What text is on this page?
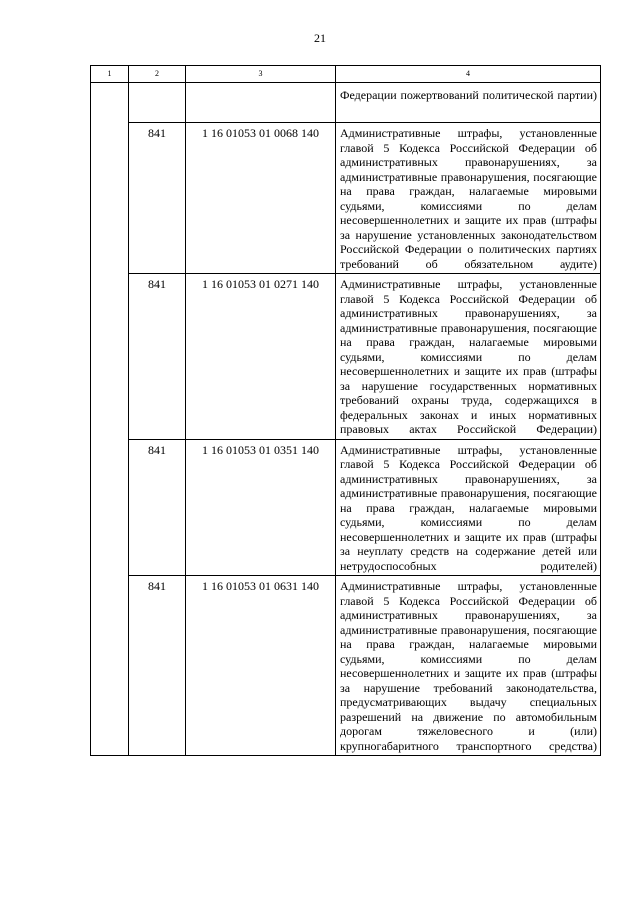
21
1	2	3	4
			Федерации пожертвований политической партии)
	841	1 16 01053 01 0068 140	Административные штрафы, установленные главой 5 Кодекса Российской Федерации об административных правонарушениях, за административные правонарушения, посягающие на права граждан, налагаемые мировыми судьями, комиссиями по делам несовершеннолетних и защите их прав (штрафы за нарушение установленных законодательством Российской Федерации о политических партиях требований об обязательном аудите)
	841	1 16 01053 01 0271 140	Административные штрафы, установленные главой 5 Кодекса Российской Федерации об административных правонарушениях, за административные правонарушения, посягающие на права граждан, налагаемые мировыми судьями, комиссиями по делам несовершеннолетних и защите их прав (штрафы за нарушение государственных нормативных требований охраны труда, содержащихся в федеральных законах и иных нормативных правовых актах Российской Федерации)
	841	1 16 01053 01 0351 140	Административные штрафы, установленные главой 5 Кодекса Российской Федерации об административных правонарушениях, за административные правонарушения, посягающие на права граждан, налагаемые мировыми судьями, комиссиями по делам несовершеннолетних и защите их прав (штрафы за неуплату средств на содержание детей или нетрудоспособных родителей)
	841	1 16 01053 01 0631 140	Административные штрафы, установленные главой 5 Кодекса Российской Федерации об административных правонарушениях, за административные правонарушения, посягающие на права граждан, налагаемые мировыми судьями, комиссиями по делам несовершеннолетних и защите их прав (штрафы за нарушение требований законодательства, предусматривающих выдачу специальных разрешений на движение по автомобильным дорогам тяжеловесного и (или) крупногабаритного транспортного средства)
